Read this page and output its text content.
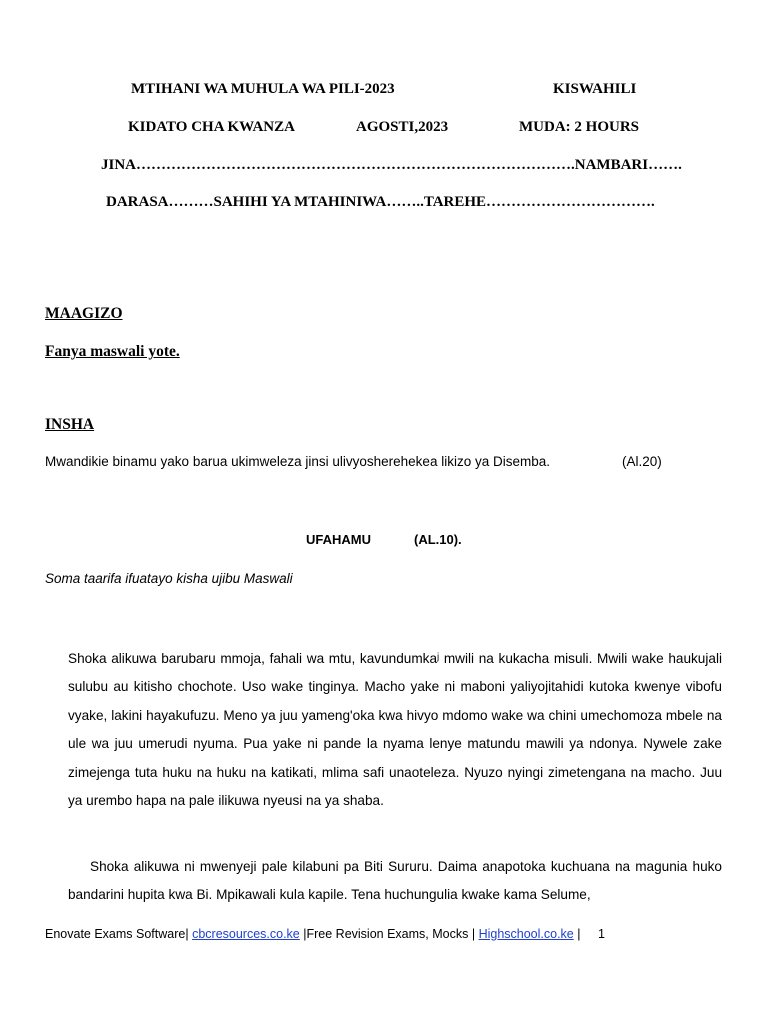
MTIHANI WA MUHULA WA PILI-2023	KISWAHILI
KIDATO CHA KWANZA	AGOSTI,2023	MUDA: 2 HOURS
JINA…………………………………………………………………………….NAMBARI…….
DARASA………SAHIHI YA MTAHINIWA……..TAREHE…………………………….
MAAGIZO
Fanya maswali yote.
INSHA
Mwandikie binamu yako barua ukimweleza jinsi ulivyosherehekea likizo ya Disemba.	(Al.20)
UFAHAMU	(AL.10).
Soma taarifa ifuatayo kisha ujibu Maswali

Shoka alikuwa barubaru mmoja, fahali wa mtu, kavundumkaʲ mwili na kukacha misuli. Mwili wake haukujali sulubu au kitisho chochote. Uso wake tinginya. Macho yake ni maboni yaliyojitahidi kutoka kwenye vibofu vyake, lakini hayakufuzu. Meno ya juu yameng'oka kwa hivyo mdomo wake wa chini umechomoza mbele na ule wa juu umerudi nyuma. Pua yake ni pande la nyama lenye matundu mawili ya ndonya. Nywele zake zimejenga tuta huku na huku na katikati, mlima safi unaoteleza. Nyuzo nyingi zimetengana na macho. Juu ya urembo hapa na pale ilikuwa nyeusi na ya shaba.

Shoka alikuwa ni mwenyeji pale kilabuni pa Biti Sururu. Daima anapotoka kuchuana na magunia huko bandarini hupita kwa Bi. Mpikawali kula kapile. Tena huchungulia kwake kama Selume,

Enovate Exams Software| cbcresources.co.ke |Free Revision Exams, Mocks | Highschool.co.ke | 1
